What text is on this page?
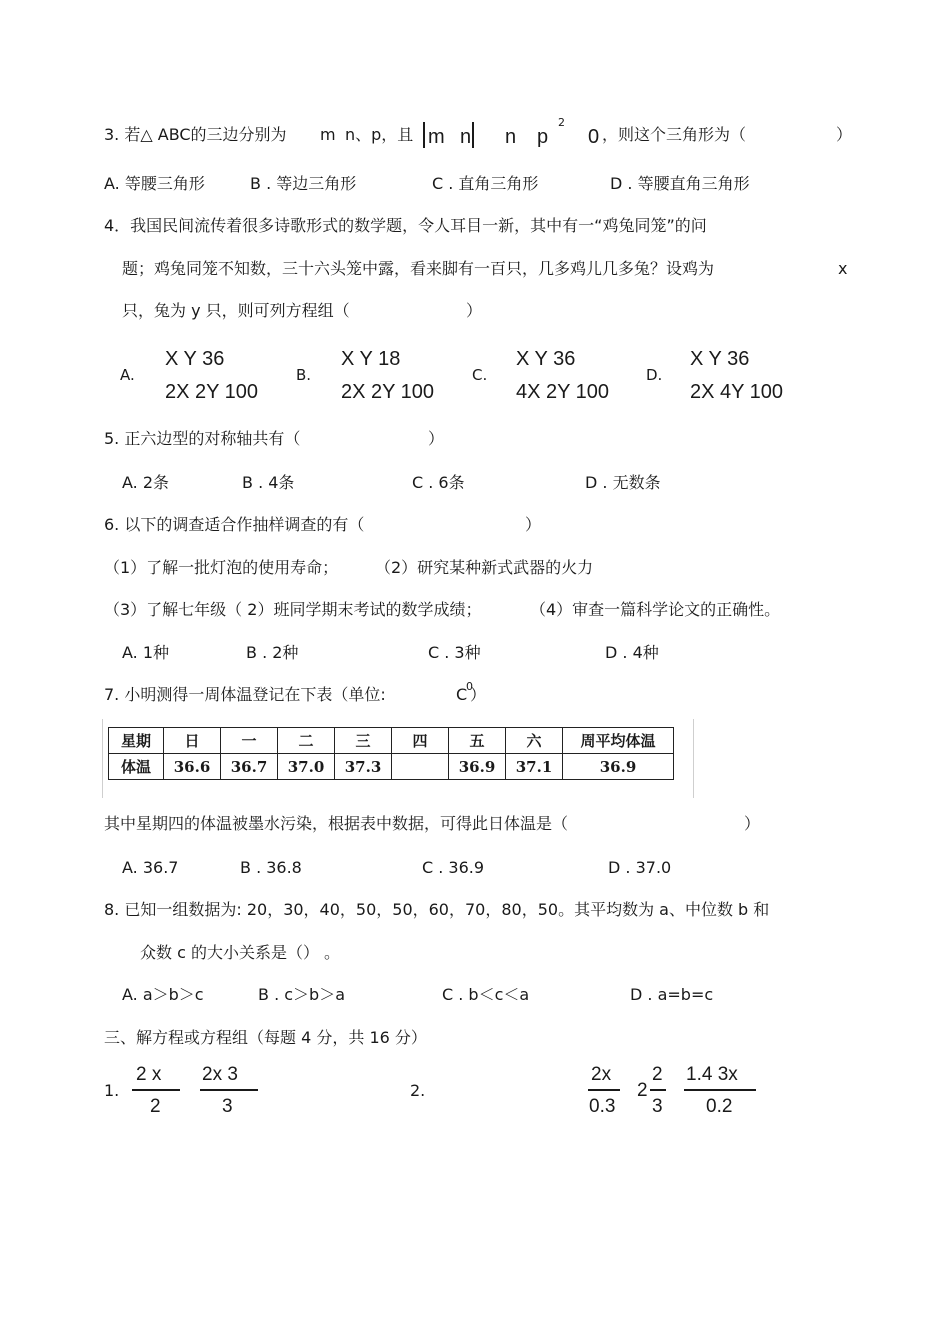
3. 若△ ABC的三边分别为 m n、p，且 m n n p
2
0 ，则这个三角形为（	）
A. 等腰三角形	B . 等边三角形	C . 直角三角形	D . 等腰直角三角形
4．我国民间流传着很多诗歌形式的数学题，令人耳目一新，其中有一“鸡兔同笼”的问
题；鸡兔同笼不知数，三十六头笼中露，看来脚有一百只，几多鸡儿几多兔？设鸡为	x
只，兔为 y 只，则可列方程组（	）
A.
X Y 36
2X 2Y 100
B.
X Y 18
2X 2Y 100
C.
X Y 36
4X 2Y 100
D.
X Y 36
2X 4Y 100
5. 正六边型的对称轴共有（	）
A. 2条	B . 4条	C . 6条	D . 无数条
6. 以下的调查适合作抽样调查的有（	）
（1）了解一批灯泡的使用寿命； （2）研究某种新式武器的火力
（3）了解七年级（ 2）班同学期末考试的数学成绩；	（4）审查一篇科学论文的正确性。
A. 1种	B . 2种	C . 3种	D . 4种
7. 小明测得一周体温登记在下表（单位:	C
0
）
星期	日	一	二	三	四	五	六	周平均体温
体温	36.6	36.7	37.0	37.3		36.9	37.1	36.9
其中星期四的体温被墨水污染，根据表中数据，可得此日体温是（	）
A. 36.7	B . 36.8	C . 36.9	D . 37.0
8. 已知一组数据为: 20，30，40，50，50，60，70，80，50。其平均数为 a、中位数 b 和
众数 c 的大小关系是（） 。
A. a＞b＞c	B . c＞b＞a	C . b＜c＜a	D . a=b=c
三、解方程或方程组（每题 4 分，共 16 分）
1.
2 x
2
2x 3
3
2.
2x
0.3
2
2
3
1.4 3x
0.2
